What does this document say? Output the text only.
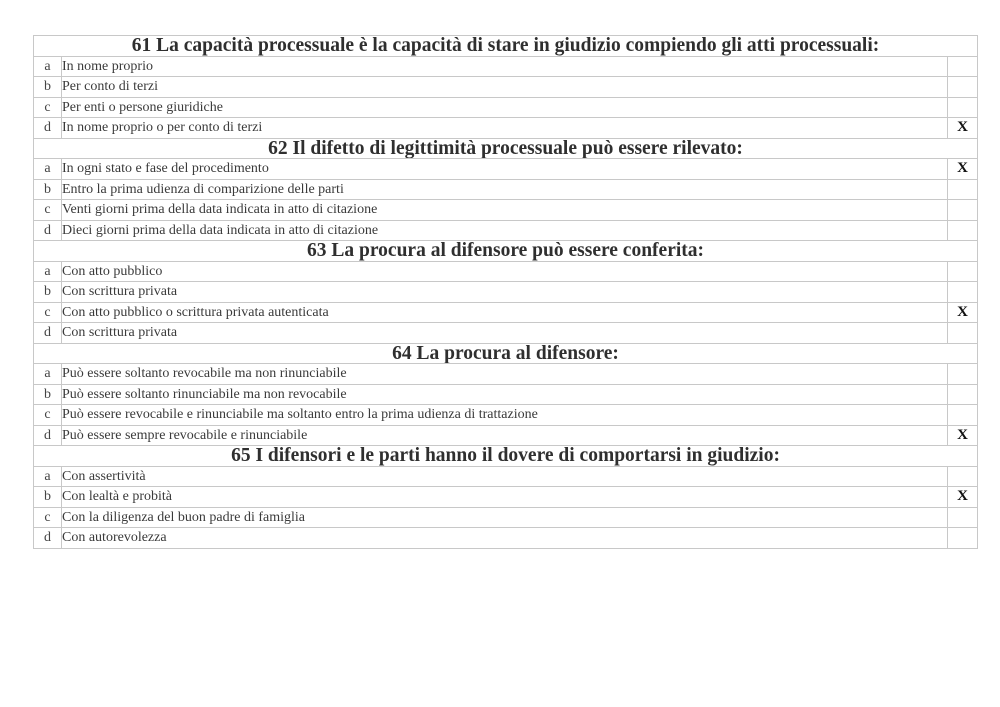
61 La capacità processuale è la capacità di stare in giudizio compiendo gli atti processuali:		
a	In nome proprio	
b	Per conto di terzi	
c	Per enti o persone giuridiche	
d	In nome proprio o per conto di terzi	X
62 Il difetto di legittimità processuale può essere rilevato:		
a	In ogni stato e fase del procedimento	X
b	Entro la prima udienza di comparizione delle parti	
c	Venti giorni prima della data indicata in atto di citazione	
d	Dieci giorni prima della data indicata in atto di citazione	
63 La procura al difensore può essere conferita:		
a	Con atto pubblico	
b	Con scrittura privata	
c	Con atto pubblico o scrittura privata autenticata	X
d	Con scrittura privata	
64 La procura al difensore:		
a	Può essere soltanto revocabile ma non rinunciabile	
b	Può essere soltanto rinunciabile ma non revocabile	
c	Può essere revocabile e rinunciabile ma soltanto entro la prima udienza di trattazione	
d	Può essere sempre revocabile e rinunciabile	X
65 I difensori e le parti hanno il dovere di comportarsi in giudizio:		
a	Con assertività	
b	Con lealtà e probità	X
c	Con la diligenza del buon padre di famiglia	
d	Con autorevolezza	
